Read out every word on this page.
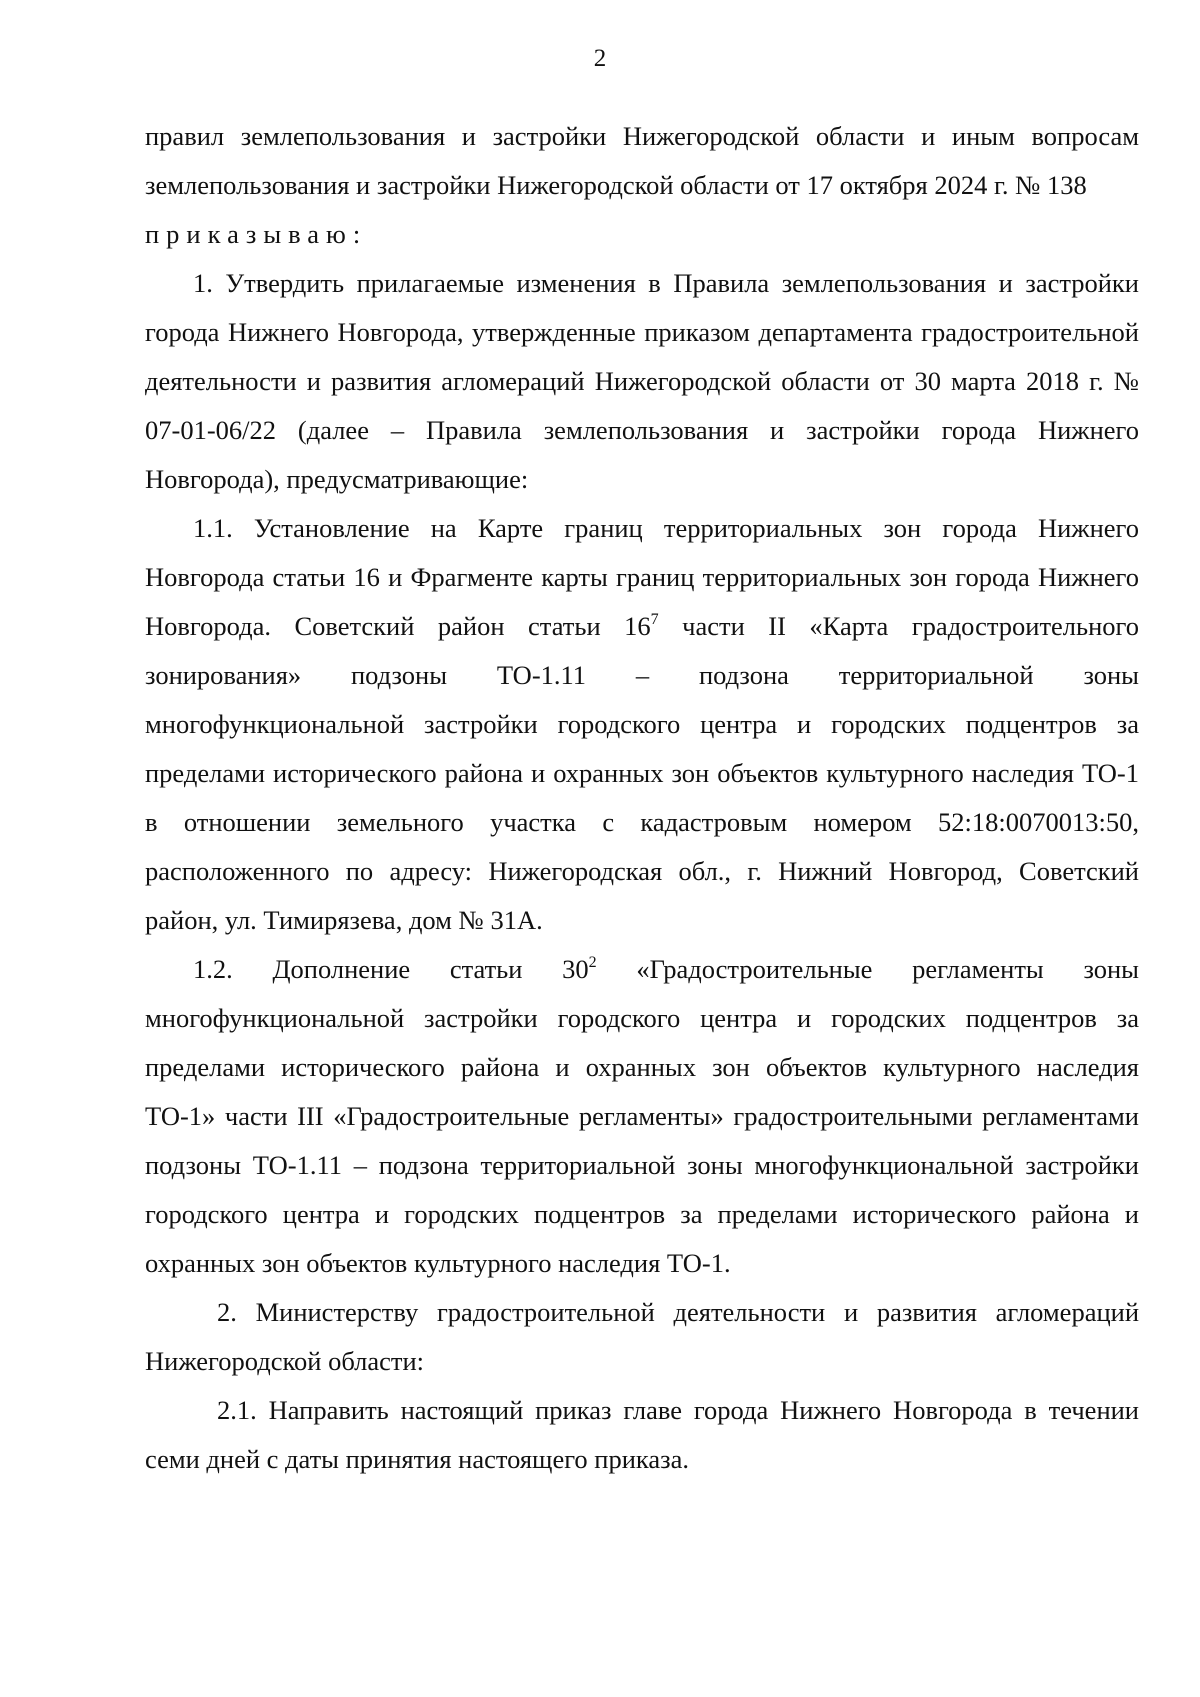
2

правил землепользования и застройки Нижегородской области и иным вопросам землепользования и застройки Нижегородской области от 17 октября 2024 г. № 138

приказываю:

1. Утвердить прилагаемые изменения в Правила землепользования и застройки города Нижнего Новгорода, утвержденные приказом департамента градостроительной деятельности и развития агломераций Нижегородской области от 30 марта 2018 г. № 07-01-06/22 (далее – Правила землепользования и застройки города Нижнего Новгорода), предусматривающие:

1.1. Установление на Карте границ территориальных зон города Нижнего Новгорода статьи 16 и Фрагменте карты границ территориальных зон города Нижнего Новгорода. Советский район статьи $16^7$ части II «Карта градостроительного зонирования» подзоны ТО-1.11 – подзона территориальной зоны многофункциональной застройки городского центра и городских подцентров за пределами исторического района и охранных зон объектов культурного наследия ТО-1 в отношении земельного участка с кадастровым номером 52:18:0070013:50, расположенного по адресу: Нижегородская обл., г. Нижний Новгород, Советский район, ул. Тимирязева, дом № 31А.

1.2. Дополнение статьи $30^2$ «Градостроительные регламенты зоны многофункциональной застройки городского центра и городских подцентров за пределами исторического района и охранных зон объектов культурного наследия ТО-1» части III «Градостроительные регламенты» градостроительными регламентами подзоны ТО-1.11 – подзона территориальной зоны многофункциональной застройки городского центра и городских подцентров за пределами исторического района и охранных зон объектов культурного наследия ТО-1.

2. Министерству градостроительной деятельности и развития агломераций Нижегородской области:

2.1. Направить настоящий приказ главе города Нижнего Новгорода в течении семи дней с даты принятия настоящего приказа.
